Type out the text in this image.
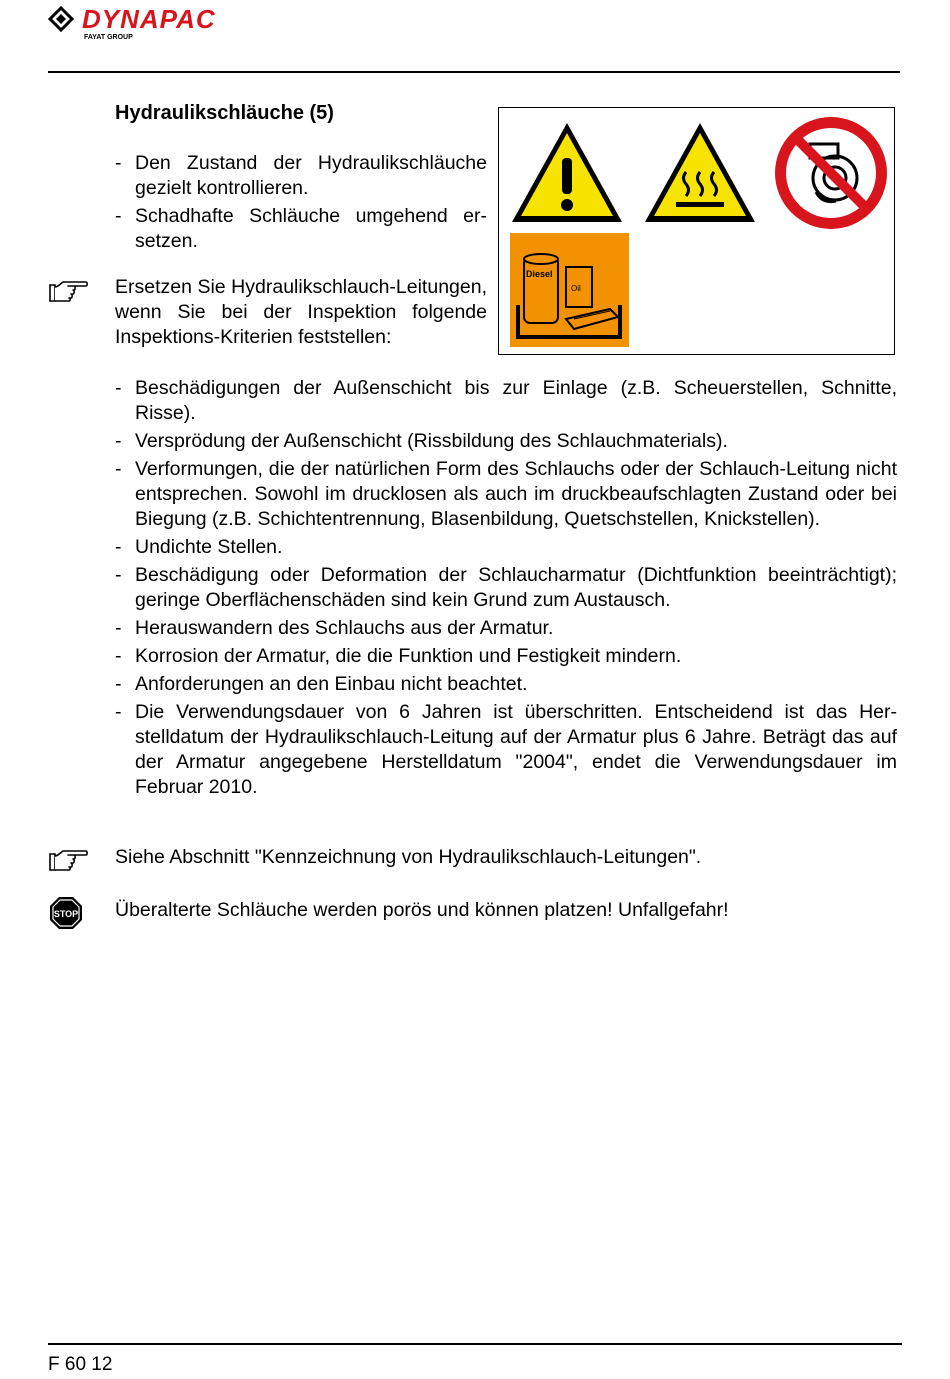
DYNAPAC
FAYAT GROUP
Hydraulikschläuche (5)
- Den Zustand der Hydraulikschläuche gezielt kontrollieren.
- Schadhafte Schläuche umgehend ersetzen.
Ersetzen Sie Hydraulikschlauch-Leitungen, wenn Sie bei der Inspektion folgende Inspektions-Kriterien feststellen:
Diesel
Oil
- Beschädigungen der Außenschicht bis zur Einlage (z.B. Scheuerstellen, Schnitte, Risse).
- Versprödung der Außenschicht (Rissbildung des Schlauchmaterials).
- Verformungen, die der natürlichen Form des Schlauchs oder der Schlauch-Leitung nicht entsprechen. Sowohl im drucklosen als auch im druckbeaufschlagten Zustand oder bei Biegung (z.B. Schichtentrennung, Blasenbildung, Quetschstellen, Knickstellen).
- Undichte Stellen.
- Beschädigung oder Deformation der Schlaucharmatur (Dichtfunktion beeinträchtigt); geringe Oberflächenschäden sind kein Grund zum Austausch.
- Herauswandern des Schlauchs aus der Armatur.
- Korrosion der Armatur, die die Funktion und Festigkeit mindern.
- Anforderungen an den Einbau nicht beachtet.
- Die Verwendungsdauer von 6 Jahren ist überschritten. Entscheidend ist das Herstelldatum der Hydraulikschlauch-Leitung auf der Armatur plus 6 Jahre. Beträgt das auf der Armatur angegebene Herstelldatum "2004", endet die Verwendungsdauer im Februar 2010.
Siehe Abschnitt "Kennzeichnung von Hydraulikschlauch-Leitungen".
STOP Überalterte Schläuche werden porös und können platzen! Unfallgefahr!
F 60 12
